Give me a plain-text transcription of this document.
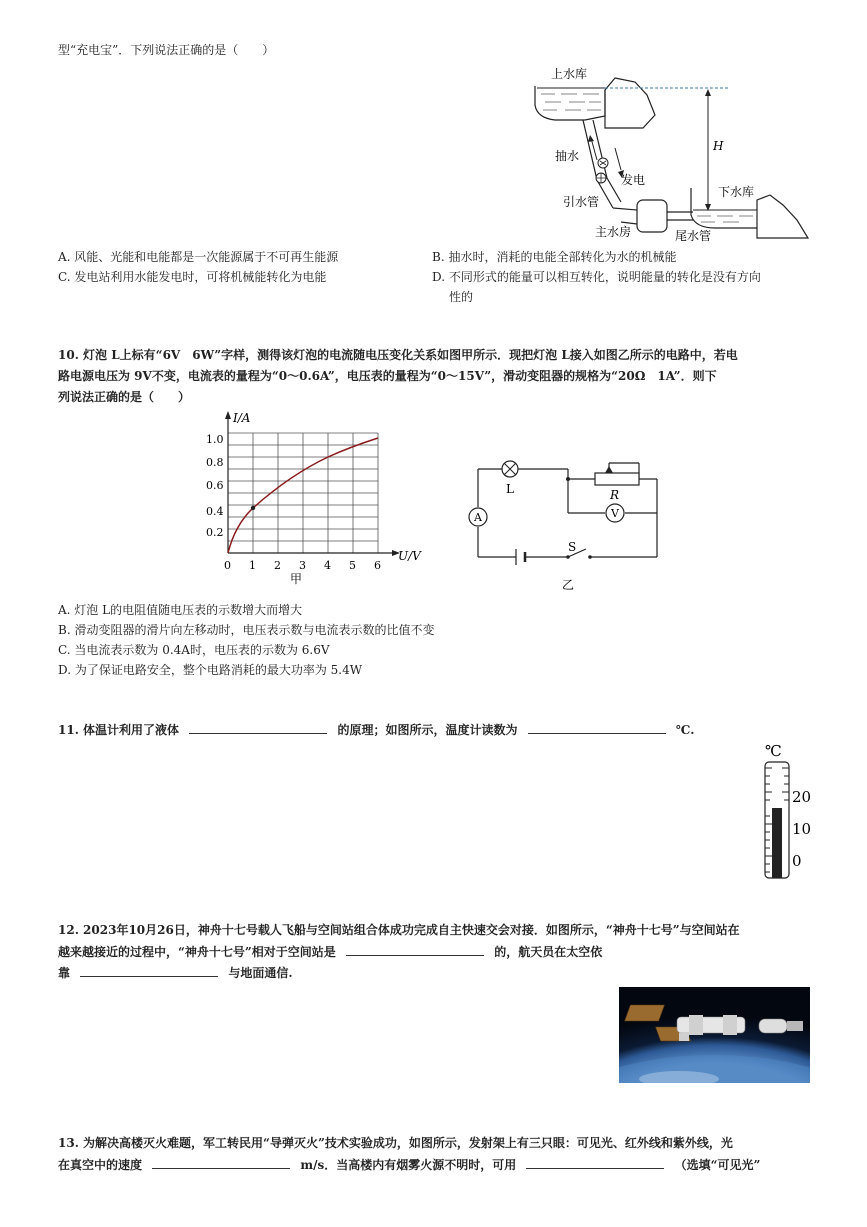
型“充电宝”．下列说法正确的是（　　）
H
上水库
抽水
发电
引水管
下水库
主水房	尾水管
A. 风能、光能和电能都是一次能源属于不可再生能源	B. 抽水时，消耗的电能全部转化为水的机械能
C. 发电站利用水能发电时，可将机械能转化为电能	D. 不同形式的能量可以相互转化，说明能量的转化是没有方向
性的
10. 灯泡 L上标有“6V　6W”字样，测得该灯泡的电流随电压变化关系如图甲所示．现把灯泡 L接入如图乙所示的电路中，若电
路电源电压为 9V不变，电流表的量程为“0～0.6A”，电压表的量程为“0～15V”，滑动变阻器的规格为“20Ω　1A”．则下
列说法正确的是（　　）
I/A
U/V
1.0
0.8
0.6
0.4
0.2
0 1 2 3 4 5 6
甲
L	R
A	V
S
乙
A. 灯泡 L的电阻值随电压表的示数增大而增大
B. 滑动变阻器的滑片向左移动时，电压表示数与电流表示数的比值不变
C. 当电流表示数为 0.4A时，电压表的示数为 6.6V
D. 为了保证电路安全，整个电路消耗的最大功率为 5.4W
11. 体温计利用了液体	的原理；如图所示，温度计读数为	℃.
℃
20
10
0
12. 2023年10月26日，神舟十七号载人飞船与空间站组合体成功完成自主快速交会对接．如图所示，“神舟十七号”与空间站在
越来越接近的过程中，“神舟十七号”相对于空间站是	的，航天员在太空依
靠	与地面通信.
13. 为解决高楼灭火难题，军工转民用“导弹灭火”技术实验成功，如图所示，发射架上有三只眼：可见光、红外线和紫外线，光
在真空中的速度	m/s．当高楼内有烟雾火源不明时，可用	（选填“可见光”
